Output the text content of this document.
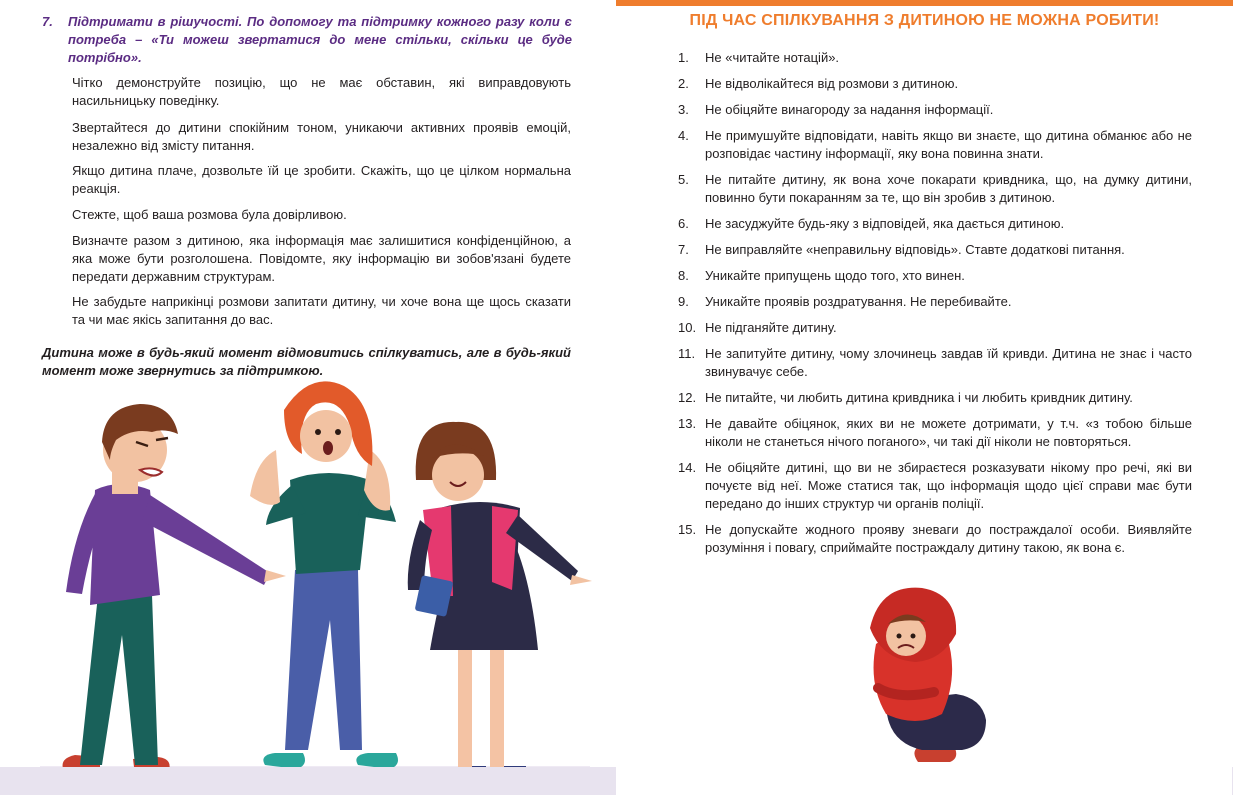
7.	Підтримати в рішучості. По допомогу та підтримку кожного разу коли є потреба – «Ти можеш звертатися до мене стільки, скільки це буде потрібно».
Чітко демонструйте позицію, що не має обставин, які виправдовують насильницьку поведінку.
Звертайтеся до дитини спокійним тоном, уникаючи активних проявів емоцій, незалежно від змісту питання.
Якщо дитина плаче, дозвольте їй це зробити. Скажіть, що це цілком нормальна реакція.
Стежте, щоб ваша розмова була довірливою.
Визначте разом з дитиною, яка інформація має залишитися конфіденційною, а яка може бути розголошена. Повідомте, яку інформацію ви зобов'язані будете передати державним структурам.
Не забудьте наприкінці розмови запитати дитину, чи хоче вона ще щось сказати та чи має якісь запитання до вас.
Дитина може в будь-який момент відмовитись спілкуватись, але в будь-який момент може звернутись за підтримкою.
ПІД ЧАС СПІЛКУВАННЯ З ДИТИНОЮ НЕ МОЖНА РОБИТИ!
1. Не «читайте нотацій».
2. Не відволікайтеся від розмови з дитиною.
3. Не обіцяйте винагороду за надання інформації.
4. Не примушуйте відповідати, навіть якщо ви знаєте, що дитина обманює або не розповідає частину інформації, яку вона повинна знати.
5. Не питайте дитину, як вона хоче покарати кривдника, що, на думку дитини, повинно бути покаранням за те, що він зробив з дитиною.
6. Не засуджуйте будь-яку з відповідей, яка дається дитиною.
7. Не виправляйте «неправильну відповідь». Ставте додаткові питання.
8. Уникайте припущень щодо того, хто винен.
9. Уникайте проявів роздратування. Не перебивайте.
10. Не підганяйте дитину.
11. Не запитуйте дитину, чому злочинець завдав їй кривди. Дитина не знає і часто звинувачує себе.
12. Не питайте, чи любить дитина кривдника і чи любить кривдник дитину.
13. Не давайте обіцянок, яких ви не можете дотримати, у т.ч. «з тобою більше ніколи не станеться нічого поганого», чи такі дії ніколи не повторяться.
14. Не обіцяйте дитині, що ви не збираєтеся розказувати нікому про речі, які ви почуєте від неї. Може статися так, що інформація щодо цієї справи має бути передано до інших структур чи органів поліції.
15. Не допускайте жодного прояву зневаги до постраждалої особи. Виявляйте розуміння і повагу, сприймайте постраждалу дитину такою, як вона є.
